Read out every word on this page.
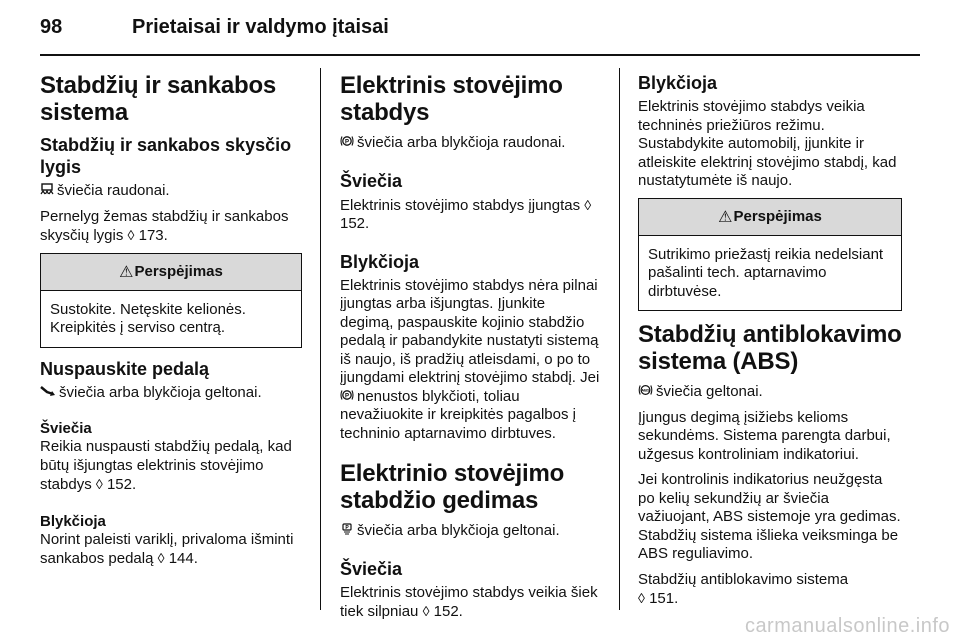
98	Prietaisai ir valdymo įtaisai
Stabdžių ir sankabos sistema
Stabdžių ir sankabos skysčio lygis

šviečia raudonai.

Pernelyg žemas stabdžių ir sankabos skysčių lygis ◊ 173.

⚠ Perspėjimas
Sustokite. Netęskite kelionės. Kreipkitės į serviso centrą.
Nuspauskite pedalą

šviečia arba blykčioja geltonai.

Šviečia

Reikia nuspausti stabdžių pedalą, kad būtų išjungtas elektrinis stovėjimo stabdys ◊ 152.

Blykčioja

Norint paleisti variklį, privaloma išminti sankabos pedalą ◊ 144.

Elektrinis stovėjimo stabdys

P šviečia arba blykčioja raudonai.

Šviečia

Elektrinis stovėjimo stabdys įjungtas ◊ 152.

Blykčioja

Elektrinis stovėjimo stabdys nėra pilnai įjungtas arba išjungtas. Įjunkite degimą, paspauskite kojinio stabdžio pedalą ir pabandykite nustatyti sistemą iš naujo, iš pradžių atleisdami, o po to įjungdami elektrinį stovėjimo stabdį. Jei
P nenustos blykčioti, toliau nevažiuokite ir kreipkitės pagalbos į techninio aptarnavimo dirbtuves.

Elektrinio stovėjimo stabdžio gedimas

P šviečia arba blykčioja geltonai.

Šviečia

Elektrinis stovėjimo stabdys veikia šiek tiek silpniau ◊ 152.

Blykčioja

Elektrinis stovėjimo stabdys veikia techninės priežiūros režimu. Sustabdykite automobilį, įjunkite ir atleiskite elektrinį stovėjimo stabdį, kad nustatytumėte iš naujo.

⚠ Perspėjimas
Sutrikimo priežastį reikia nedelsiant pašalinti tech. aptarnavimo dirbtuvėse.
Stabdžių antiblokavimo sistema (ABS)

ABS šviečia geltonai.

Įjungus degimą įsižiebs kelioms sekundėms. Sistema parengta darbui, užgesus kontroliniam indikatoriui.

Jei kontrolinis indikatorius neužgęsta po kelių sekundžių ar šviečia važiuojant, ABS sistemoje yra gedimas. Stabdžių sistema išlieka veiksminga be ABS reguliavimo.

Stabdžių antiblokavimo sistema
◊ 151.

carmanualsonline.info
